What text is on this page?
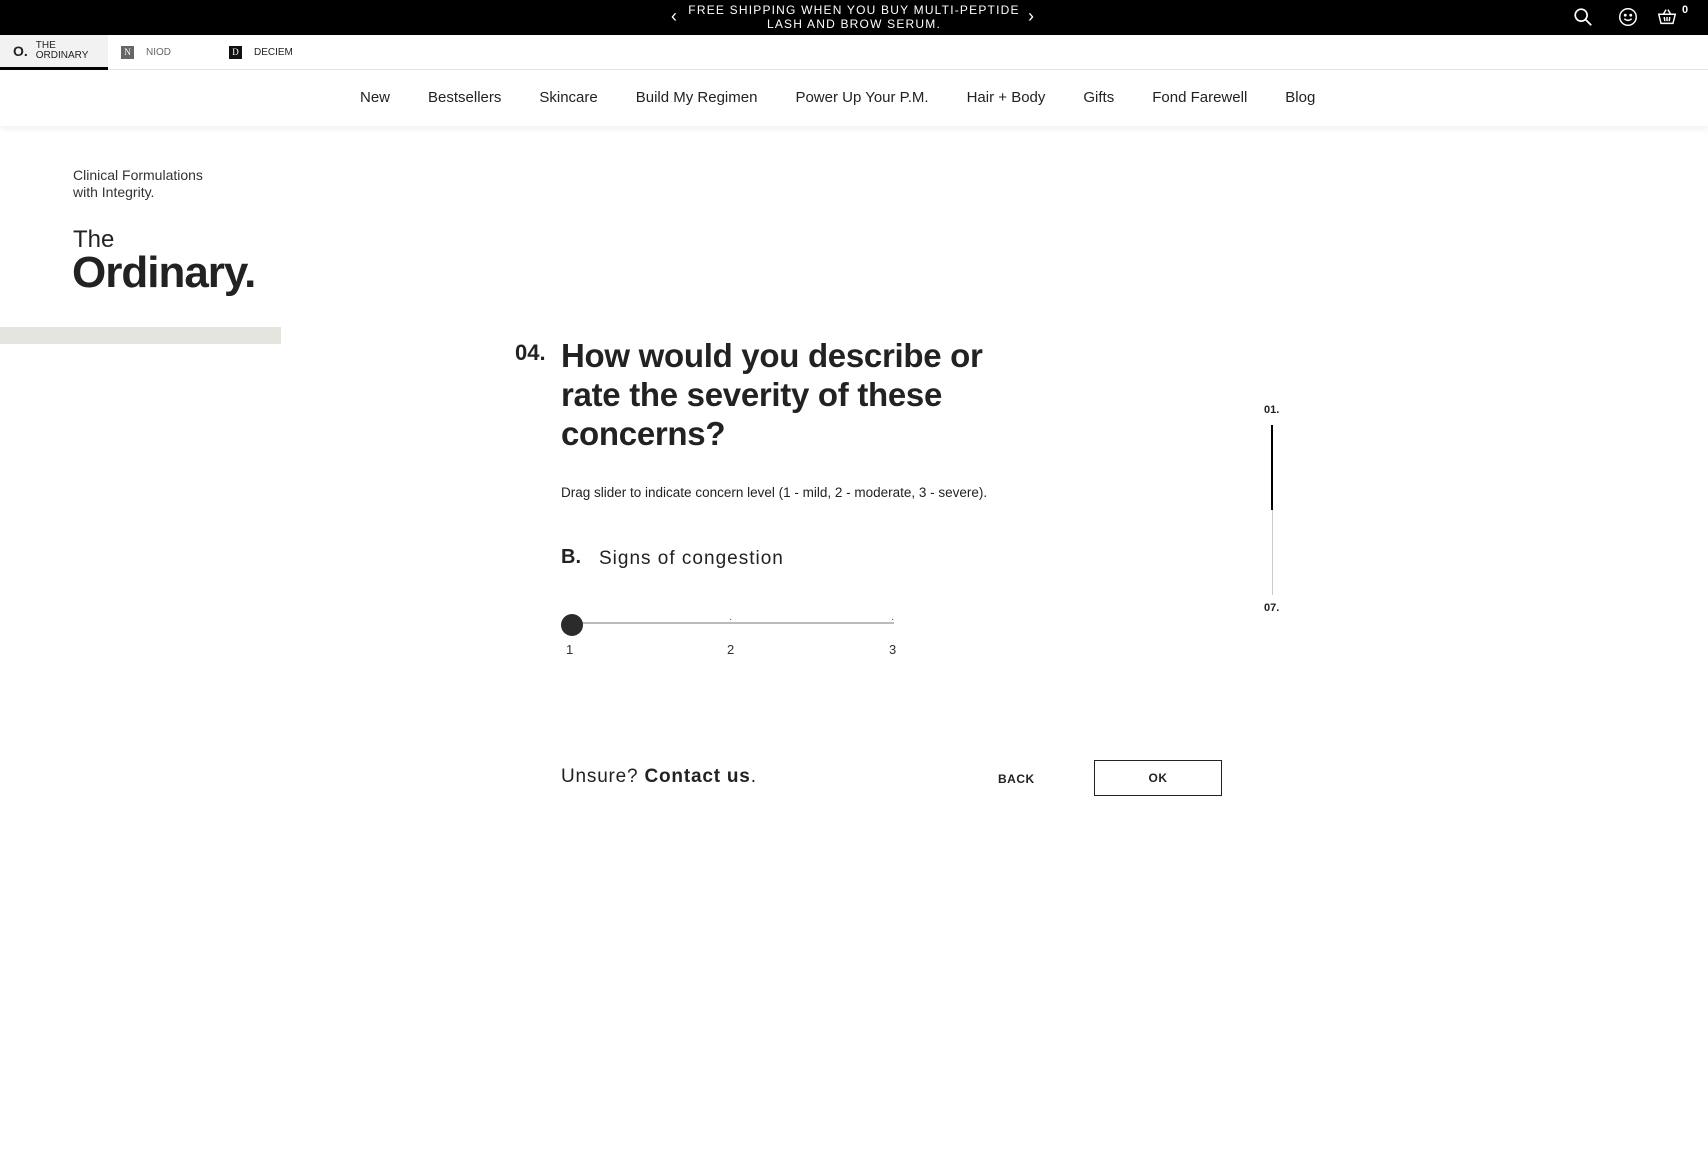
‹ FREE SHIPPING WHEN YOU BUY MULTI-PEPTIDE LASH AND BROW SERUM.	›	0
O. THE ORDINARY	N	NIOD	D	DECIEM
New	Bestsellers	Skincare	Build My Regimen	Power Up Your P.M.	Hair + Body	Gifts	Fond Farewell	Blog
Clinical Formulations
with Integrity.
The
Ordinary.
04. How would you describe or rate the severity of these concerns?

Drag slider to indicate concern level (1 - mild, 2 - moderate, 3 - severe).

B. Signs of congestion
·	·
1	2	3
01.
07.
Unsure? Contact us.	BACK	OK
